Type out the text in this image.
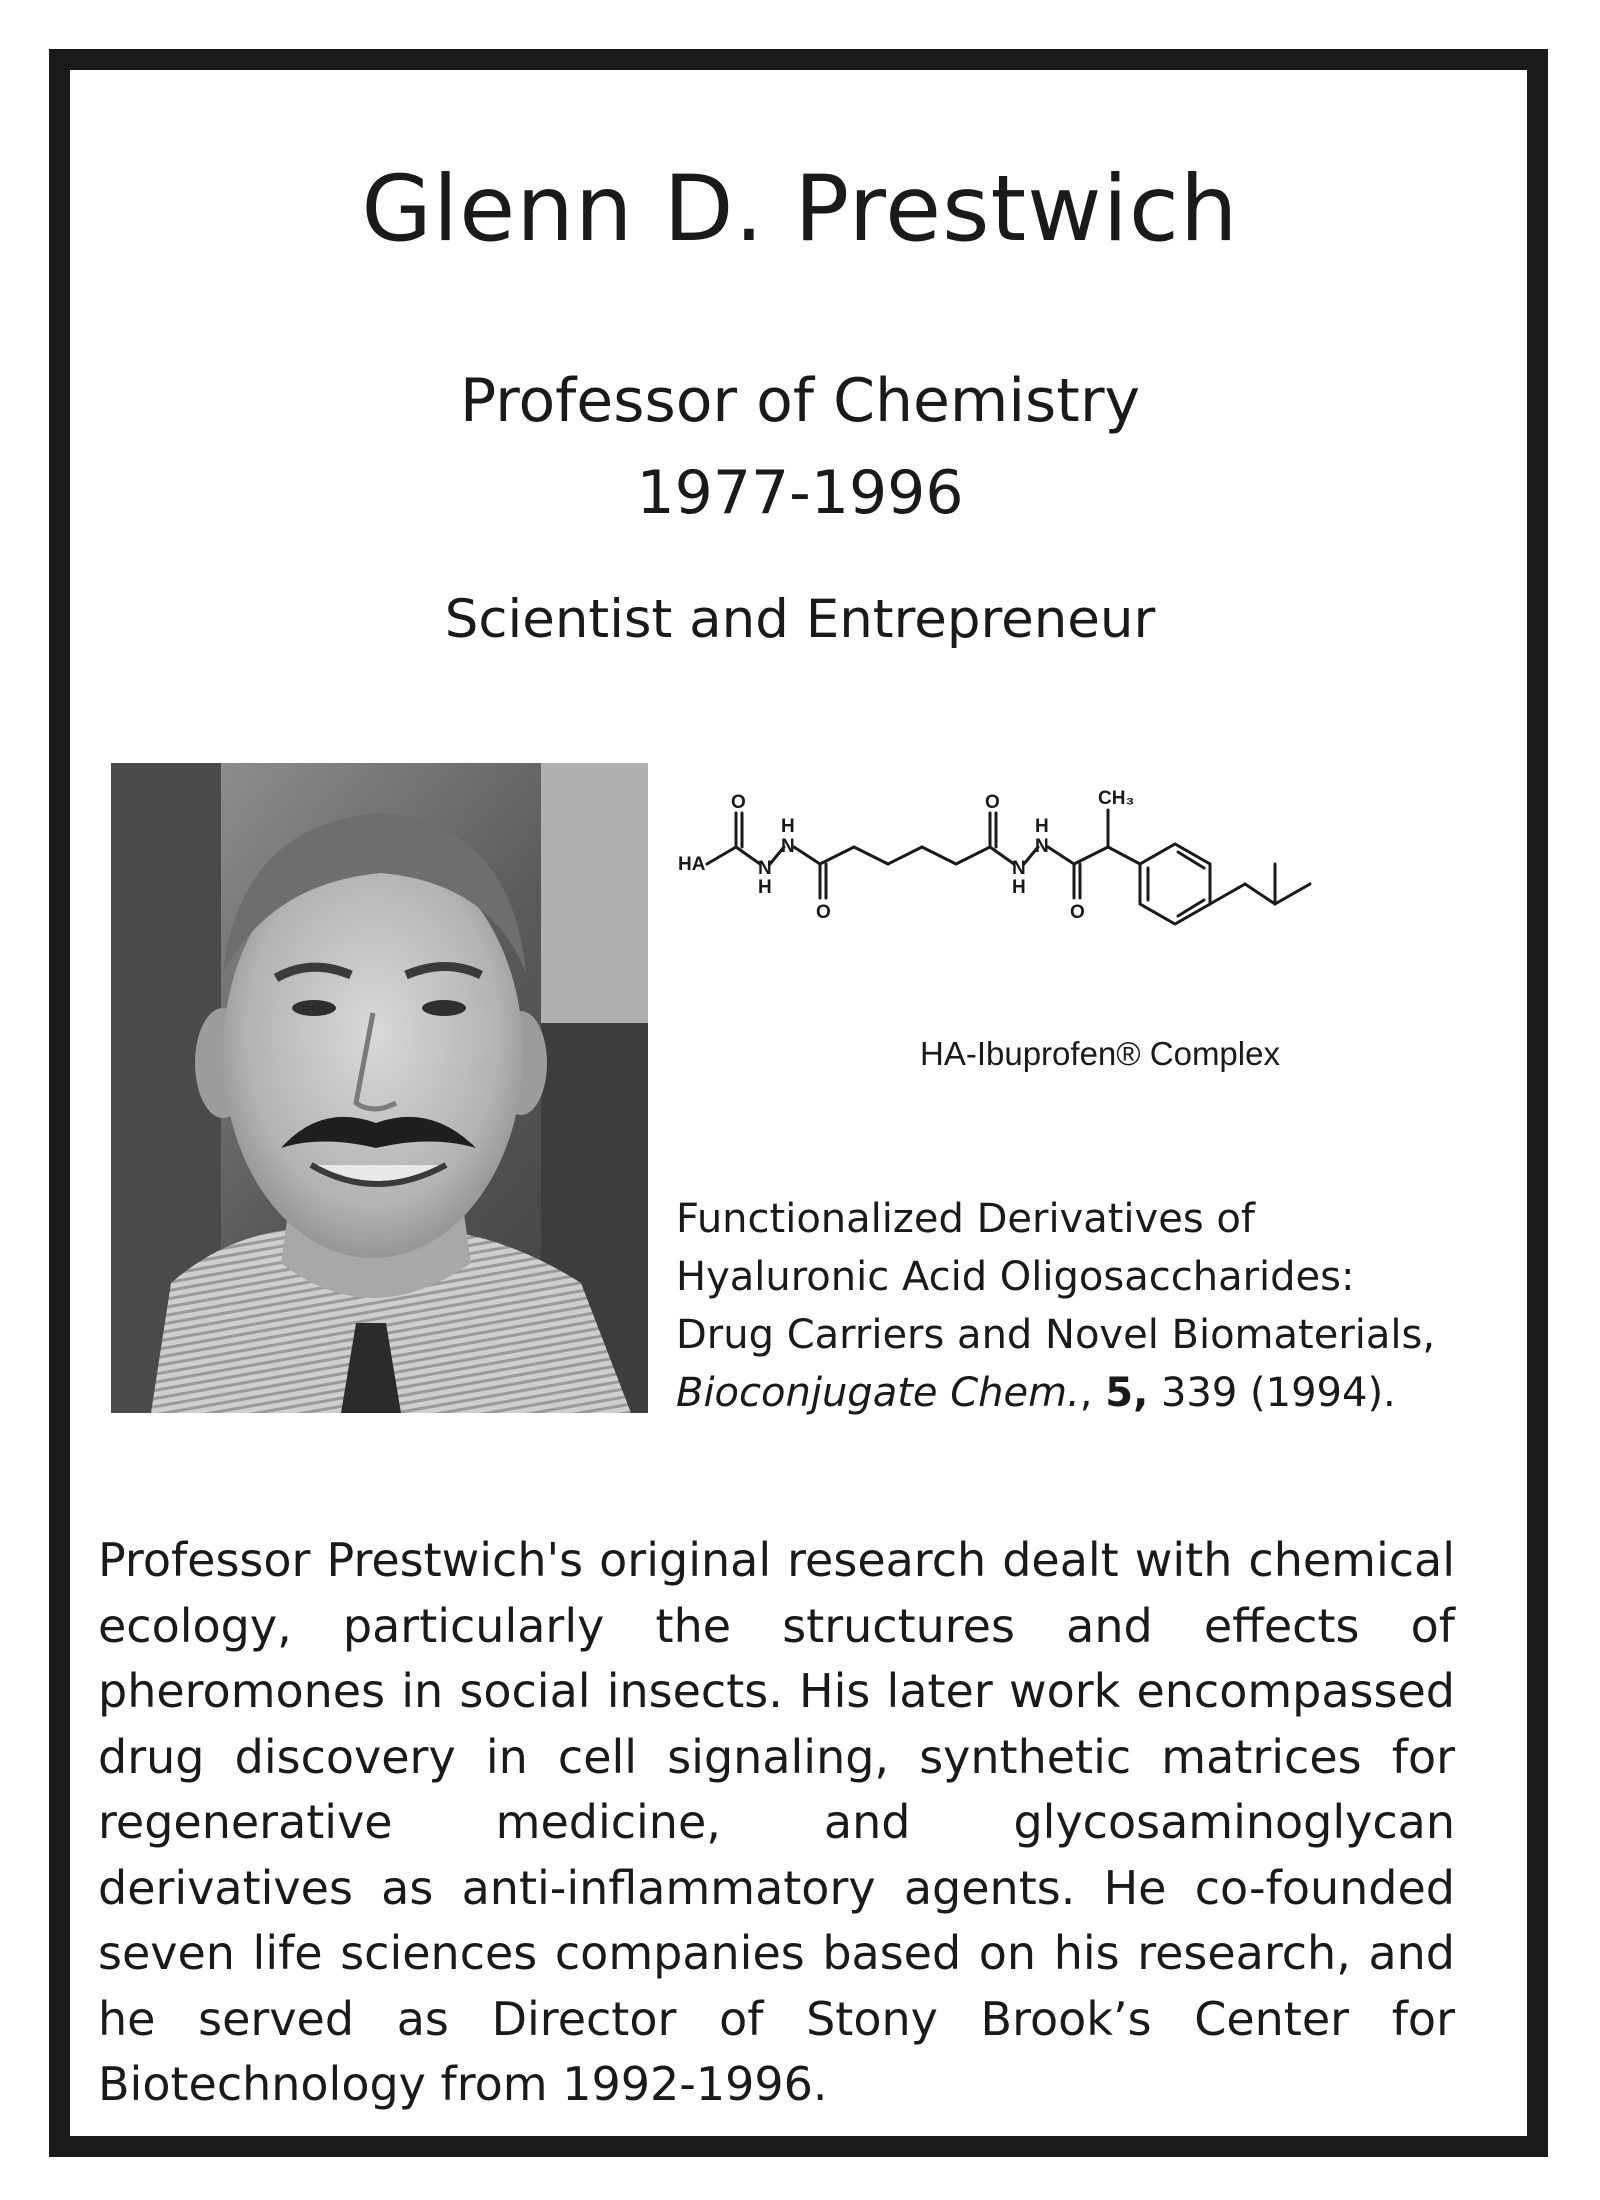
Glenn D. Prestwich
Professor of Chemistry
1977-1996
Scientist and Entrepreneur
HA
O
N
H
H
N
O
O
N
H
H
N
O
CH₃
HA-Ibuprofen® Complex
Functionalized Derivatives of
Hyaluronic Acid Oligosaccharides:
Drug Carriers and Novel Biomaterials,
Bioconjugate Chem., 5, 339 (1994).
Professor Prestwich's original research dealt with chemical ecology, particularly the structures and effects of pheromones in social insects. His later work encompassed drug discovery in cell signaling, synthetic matrices for regenerative medicine, and glycosaminoglycan derivatives as anti-inflammatory agents. He co-founded seven life sciences companies based on his research, and he served as Director of Stony Brook’s Center for Biotechnology from 1992-1996.
